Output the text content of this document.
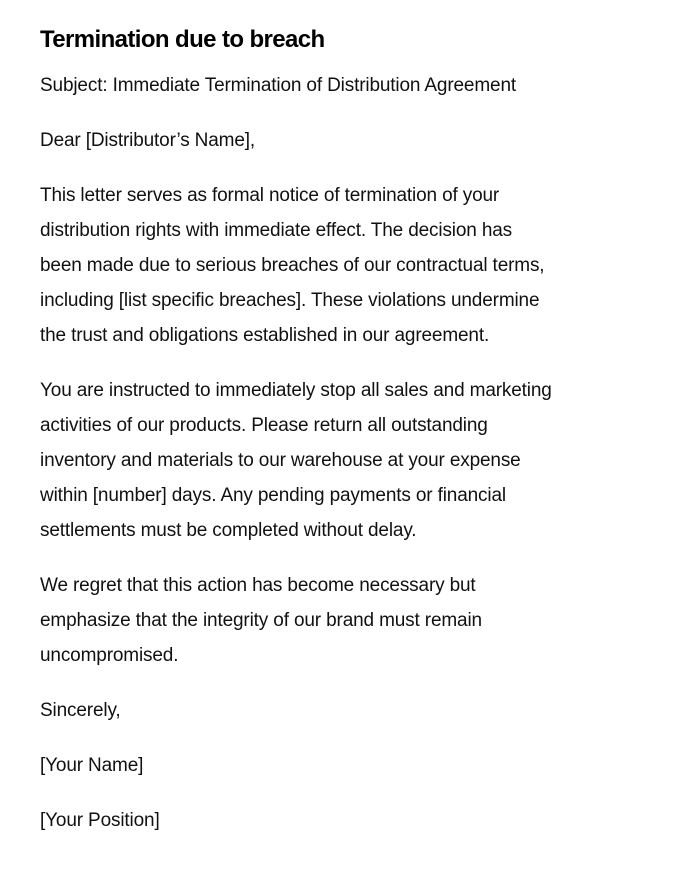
Termination due to breach

Subject: Immediate Termination of Distribution Agreement

Dear [Distributor’s Name],

This letter serves as formal notice of termination of your
distribution rights with immediate effect. The decision has
been made due to serious breaches of our contractual terms,
including [list specific breaches]. These violations undermine
the trust and obligations established in our agreement.

You are instructed to immediately stop all sales and marketing
activities of our products. Please return all outstanding
inventory and materials to our warehouse at your expense
within [number] days. Any pending payments or financial
settlements must be completed without delay.

We regret that this action has become necessary but
emphasize that the integrity of our brand must remain
uncompromised.

Sincerely,

[Your Name]

[Your Position]
